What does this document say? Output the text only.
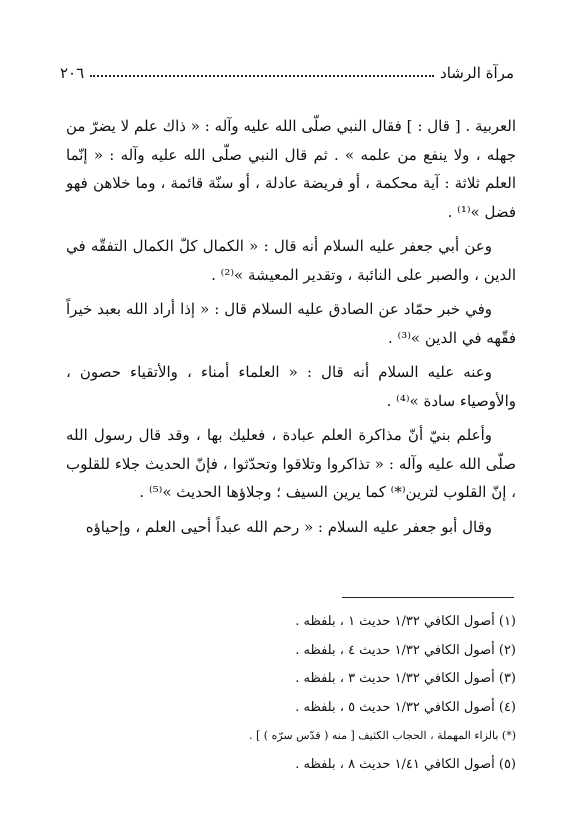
مرآة الرشاد
٢٠٦

العربية . [ قال : ] فقال النبي صلّى الله عليه وآله : « ذاك علم لا يضرّ من جهله ، ولا ينفع من علمه » . ثم قال النبي صلّى الله عليه وآله : « إنّما العلم ثلاثة : آية محكمة ، أو فريضة عادلة ، أو سنّة قائمة ، وما خلاهن فهو فضل »⁽¹⁾ .

وعن أبي جعفر عليه السلام أنه قال : « الكمال كلّ الكمال التفقّه في الدين ، والصبر على النائبة ، وتقدير المعيشة »⁽²⁾ .

وفي خبر حمّاد عن الصادق عليه السلام قال : « إذا أراد الله بعبد خيراً فقّهه في الدين »⁽³⁾ .

وعنه عليه السلام أنه قال : « العلماء أمناء ، والأتقياء حصون ، والأوصياء سادة »⁽⁴⁾ .

وأعلم بنيّ أنّ مذاكرة العلم عبادة ، فعليك بها ، وقد قال رسول الله صلّى الله عليه وآله : « تذاكروا وتلاقوا وتحدّثوا ، فإنّ الحديث جلاء للقلوب ، إنّ القلوب لترين⁽*⁾ كما يرين السيف ؛ وجلاؤها الحديث »⁽⁵⁾ .

وقال أبو جعفر عليه السلام : « رحم الله عبداً أحيى العلم ، وإحياؤه

(١) أصول الكافي ١/٣٢ حديث ١ ، بلفظه .
(٢) أصول الكافي ١/٣٢ حديث ٤ ، بلفظه .
(٣) أصول الكافي ١/٣٢ حديث ٣ ، بلفظه .
(٤) أصول الكافي ١/٣٢ حديث ٥ ، بلفظه .
(*) بالزاء المهملة ، الحجاب الكثيف [ منه ( قدّس سرّه ) ] .
(٥) أصول الكافي ١/٤١ حديث ٨ ، بلفظه .
